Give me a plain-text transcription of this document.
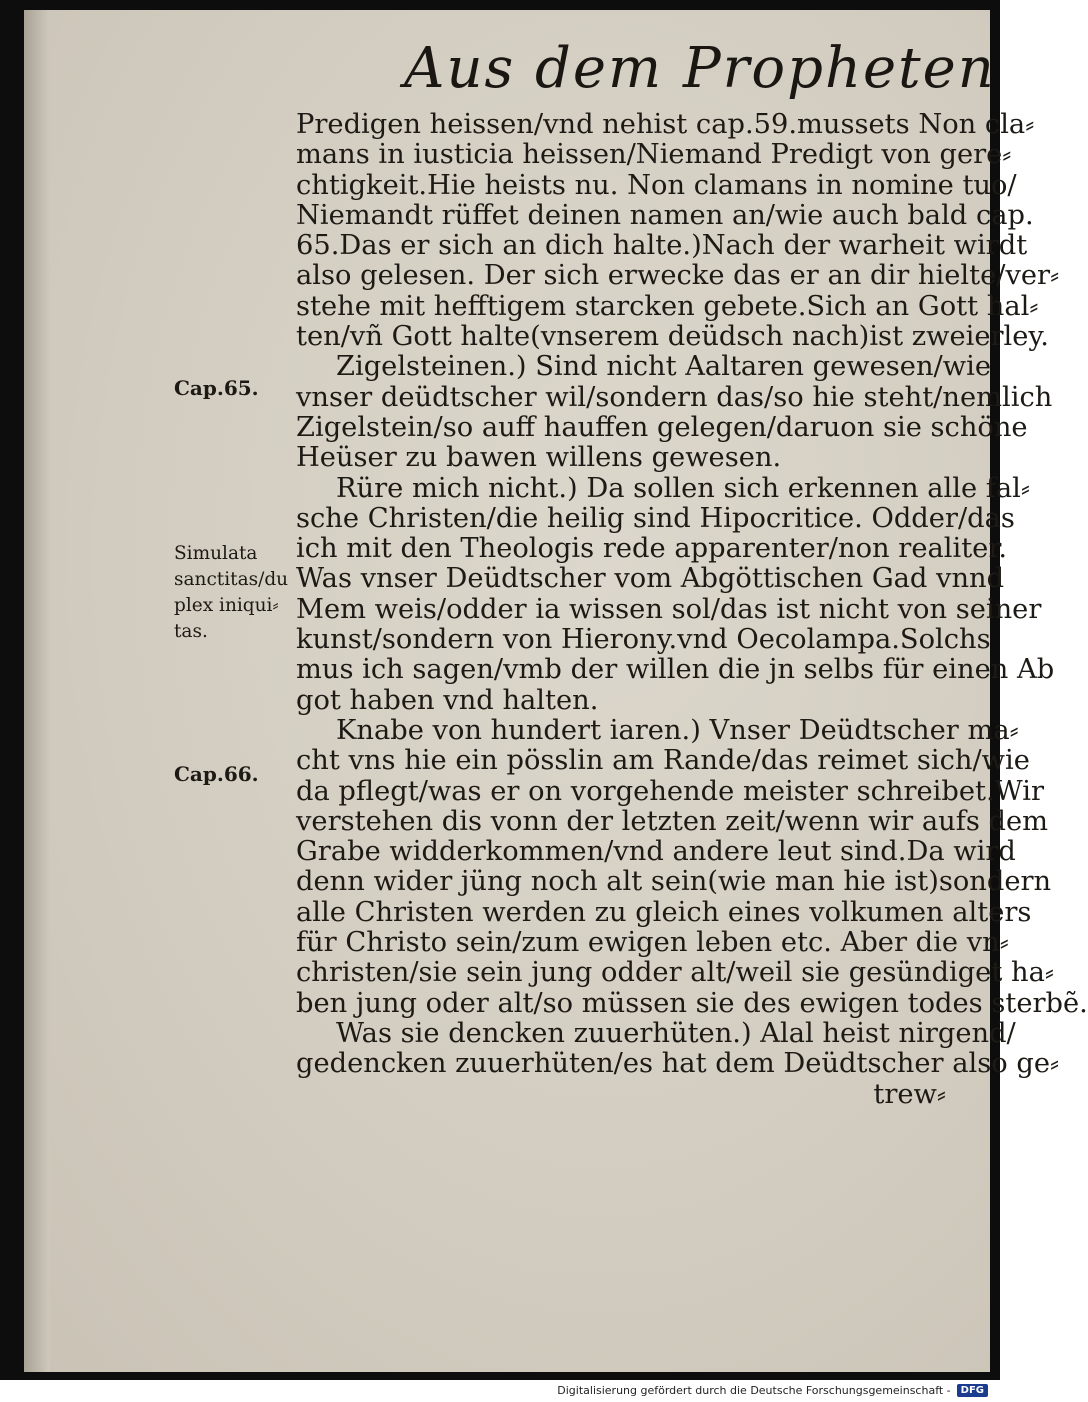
Aus dem Propheten
Cap.65.
Simulata
sanctitas/du
plex iniqui⸗
tas.
Cap.66.
Predigen heissen/vnd nehist cap.59.mussets Non cla⸗
mans in iusticia heissen/Niemand Predigt von gere⸗
chtigkeit.Hie heists nu. Non clamans in nomine tuo/
Niemandt rüffet deinen namen an/wie auch bald cap.
65.Das er sich an dich halte.)Nach der warheit wirdt
also gelesen. Der sich erwecke das er an dir hielte/ver⸗
stehe mit hefftigem starcken gebete.Sich an Gott hal⸗
ten/vñ Gott halte(vnserem deüdsch nach)ist zweierley.
Zigelsteinen.) Sind nicht Aaltaren gewesen/wie
vnser deüdtscher wil/sondern das/so hie steht/nemlich
Zigelstein/so auff hauffen gelegen/daruon sie schöne
Heüser zu bawen willens gewesen.
Rüre mich nicht.) Da sollen sich erkennen alle fal⸗
sche Christen/die heilig sind Hipocritice. Odder/das
ich mit den Theologis rede apparenter/non realiter.
Was vnser Deüdtscher vom Abgöttischen Gad vnnd
Mem weis/odder ia wissen sol/das ist nicht von seiner
kunst/sondern von Hierony.vnd Oecolampa.Solchs
mus ich sagen/vmb der willen die jn selbs für einen Ab
got haben vnd halten.
Knabe von hundert iaren.) Vnser Deüdtscher ma⸗
cht vns hie ein pösslin am Rande/das reimet sich/wie
da pflegt/was er on vorgehende meister schreibet.Wir
verstehen dis vonn der letzten zeit/wenn wir aufs dem
Grabe widderkommen/vnd andere leut sind.Da wird
denn wider jüng noch alt sein(wie man hie ist)sondern
alle Christen werden zu gleich eines volkumen alters
für Christo sein/zum ewigen leben etc. Aber die vn⸗
christen/sie sein jung odder alt/weil sie gesündiget ha⸗
ben jung oder alt/so müssen sie des ewigen todes sterbẽ.
Was sie dencken zuuerhüten.) Alal heist nirgend/
gedencken zuuerhüten/es hat dem Deüdtscher also ge⸗
trew⸗
Digitalisierung gefördert durch die Deutsche Forschungsgemeinschaft -	DFG
